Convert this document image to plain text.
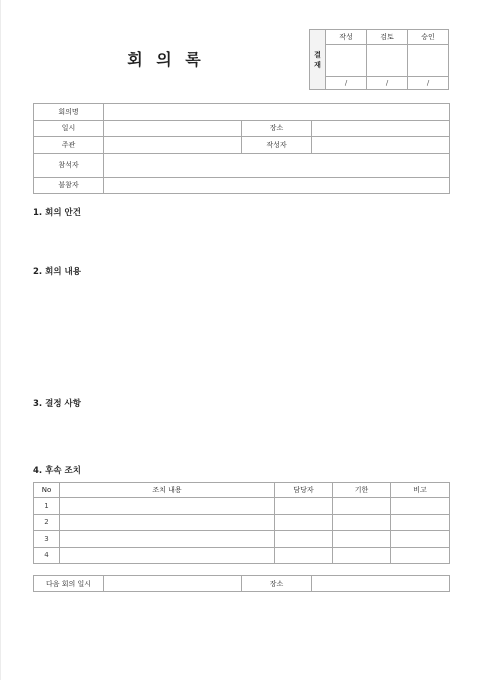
회 의 록	결
재	작성	검토	승인

	/	/	/
회의명			
일시		장소	
주관		작성자	
참석자			
불참자			
1. 회의 안건
2. 회의 내용
3. 결정 사항
4. 후속 조치
No	조치 내용	담당자	기한	비고
1				
2				
3				
4				
다음 회의 일시		장소	
